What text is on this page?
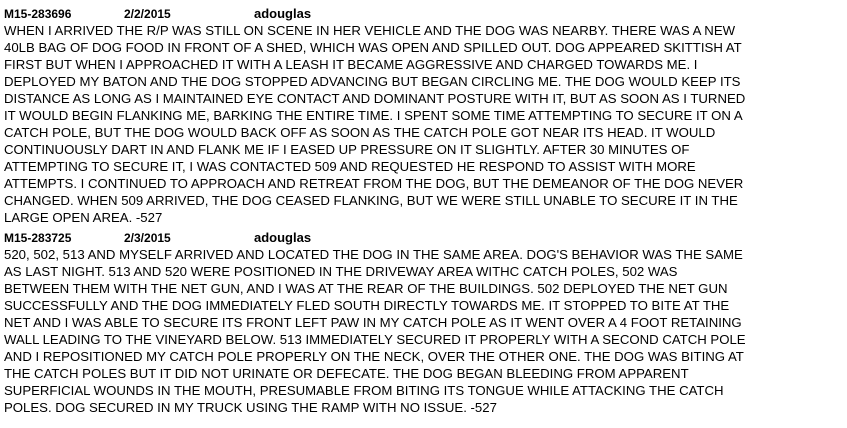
M15-283696	2/2/2015	adouglas
WHEN I ARRIVED THE R/P WAS STILL ON SCENE IN HER VEHICLE AND THE DOG WAS NEARBY. THERE WAS A NEW
40LB BAG OF DOG FOOD IN FRONT OF A SHED, WHICH WAS OPEN AND SPILLED OUT. DOG APPEARED SKITTISH AT
FIRST BUT WHEN I APPROACHED IT WITH A LEASH IT BECAME AGGRESSIVE AND CHARGED TOWARDS ME. I
DEPLOYED MY BATON AND THE DOG STOPPED ADVANCING BUT BEGAN CIRCLING ME. THE DOG WOULD KEEP ITS
DISTANCE AS LONG AS I MAINTAINED EYE CONTACT AND DOMINANT POSTURE WITH IT, BUT AS SOON AS I TURNED
IT WOULD BEGIN FLANKING ME, BARKING THE ENTIRE TIME. I SPENT SOME TIME ATTEMPTING TO SECURE IT ON A
CATCH POLE, BUT THE DOG WOULD BACK OFF AS SOON AS THE CATCH POLE GOT NEAR ITS HEAD. IT WOULD
CONTINUOUSLY DART IN AND FLANK ME IF I EASED UP PRESSURE ON IT SLIGHTLY. AFTER 30 MINUTES OF
ATTEMPTING TO SECURE IT, I WAS CONTACTED 509 AND REQUESTED HE RESPOND TO ASSIST WITH MORE
ATTEMPTS. I CONTINUED TO APPROACH AND RETREAT FROM THE DOG, BUT THE DEMEANOR OF THE DOG NEVER
CHANGED. WHEN 509 ARRIVED, THE DOG CEASED FLANKING, BUT WE WERE STILL UNABLE TO SECURE IT IN THE
LARGE OPEN AREA. -527
M15-283725	2/3/2015	adouglas
520, 502, 513 AND MYSELF ARRIVED AND LOCATED THE DOG IN THE SAME AREA. DOG'S BEHAVIOR WAS THE SAME
AS LAST NIGHT. 513 AND 520 WERE POSITIONED IN THE DRIVEWAY AREA WITHC CATCH POLES, 502 WAS
BETWEEN THEM WITH THE NET GUN, AND I WAS AT THE REAR OF THE BUILDINGS. 502 DEPLOYED THE NET GUN
SUCCESSFULLY AND THE DOG IMMEDIATELY FLED SOUTH DIRECTLY TOWARDS ME. IT STOPPED TO BITE AT THE
NET AND I WAS ABLE TO SECURE ITS FRONT LEFT PAW IN MY CATCH POLE AS IT WENT OVER A 4 FOOT RETAINING
WALL LEADING TO THE VINEYARD BELOW. 513 IMMEDIATELY SECURED IT PROPERLY WITH A SECOND CATCH POLE
AND I REPOSITIONED MY CATCH POLE PROPERLY ON THE NECK, OVER THE OTHER ONE. THE DOG WAS BITING AT
THE CATCH POLES BUT IT DID NOT URINATE OR DEFECATE. THE DOG BEGAN BLEEDING FROM APPARENT
SUPERFICIAL WOUNDS IN THE MOUTH, PRESUMABLE FROM BITING ITS TONGUE WHILE ATTACKING THE CATCH
POLES. DOG SECURED IN MY TRUCK USING THE RAMP WITH NO ISSUE. -527
